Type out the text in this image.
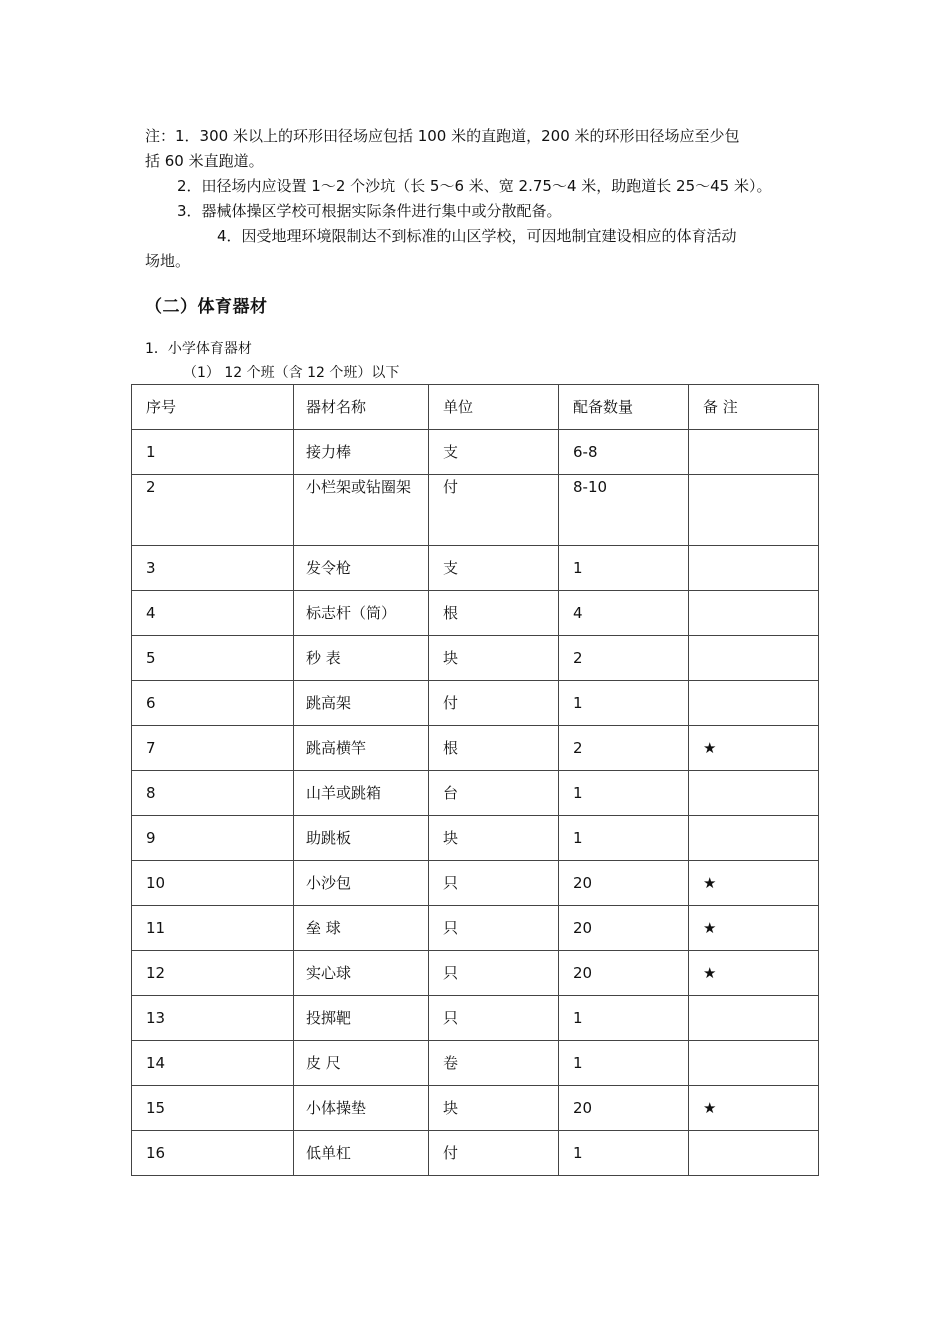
注：1．300 米以上的环形田径场应包括 100 米的直跑道，200 米的环形田径场应至少包
括 60 米直跑道。
2．田径场内应设置 1～2 个沙坑（长 5～6 米、宽 2.75～4 米，助跑道长 25～45 米）。
3．器械体操区学校可根据实际条件进行集中或分散配备。
4．因受地理环境限制达不到标准的山区学校，可因地制宜建设相应的体育活动
场地。
（二）体育器材
1．小学体育器材
（1） 12 个班（含 12 个班）以下
序号	器材名称	单位	配备数量	备 注
1	接力棒	支	6-8	

2	小栏架或钻圈架	付	8-10	

3	发令枪	支	1	
4	标志杆（筒）	根	4	
5	秒 表	块	2	
6	跳高架	付	1	
7	跳高横竿	根	2	★
8	山羊或跳箱	台	1	
9	助跳板	块	1	
10	小沙包	只	20	★
11	垒 球	只	20	★
12	实心球	只	20	★
13	投掷靶	只	1	
14	皮 尺	卷	1	
15	小体操垫	块	20	★
16	低单杠	付	1	
